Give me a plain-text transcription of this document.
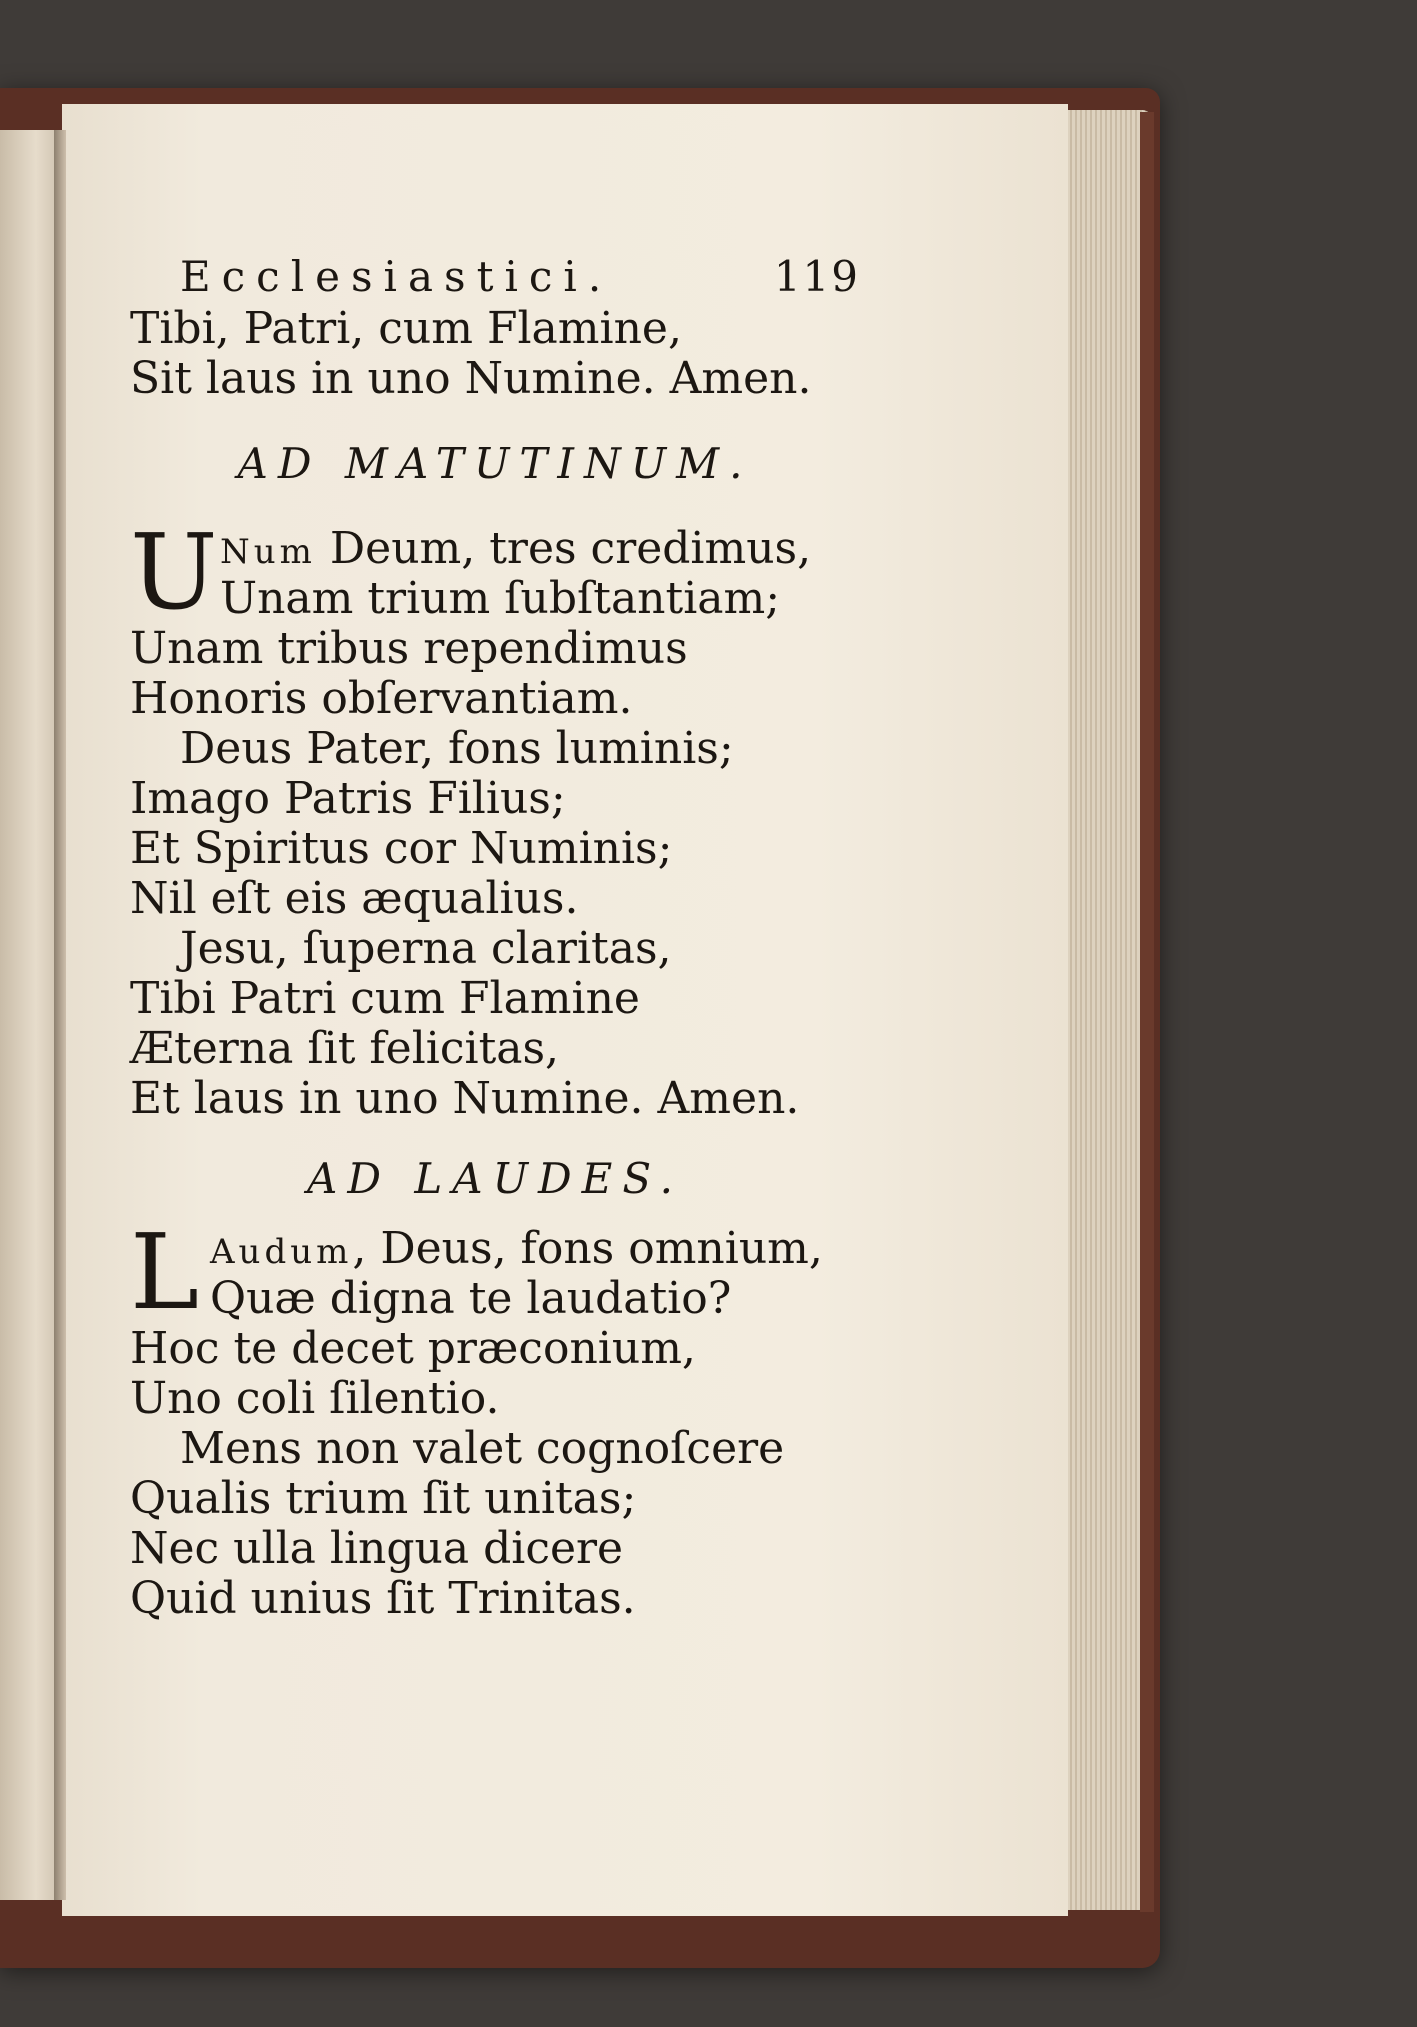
Ecclesiastici.	119
Tibi, Patri, cum Flamine,
Sit laus in uno Numine. Amen.
AD MATUTINUM.
U Num Deum, tres credimus,
Unam trium ſubſtantiam;
Unam tribus rependimus
Honoris obſervantiam.
Deus Pater, fons luminis;
Imago Patris Filius;
Et Spiritus cor Numinis;
Nil eſt eis æqualius.
Jesu, ſuperna claritas,
Tibi Patri cum Flamine
Æterna ſit felicitas,
Et laus in uno Numine. Amen.
AD LAUDES.
L Audum, Deus, fons omnium,
Quæ digna te laudatio?
Hoc te decet præconium,
Uno coli ſilentio.
Mens non valet cognoſcere
Qualis trium ſit unitas;
Nec ulla lingua dicere
Quid unius ſit Trinitas.
